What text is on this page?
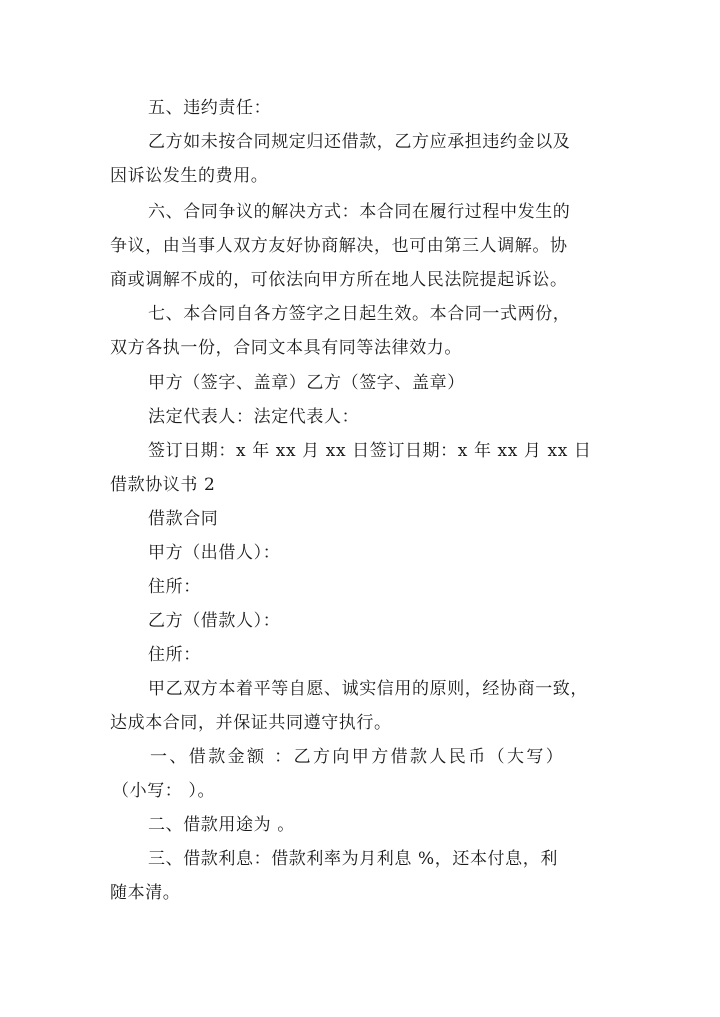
五、违约责任：
乙方如未按合同规定归还借款，乙方应承担违约金以及
因诉讼发生的费用。
六、合同争议的解决方式：本合同在履行过程中发生的
争议，由当事人双方友好协商解决，也可由第三人调解。协
商或调解不成的，可依法向甲方所在地人民法院提起诉讼。
七、本合同自各方签字之日起生效。本合同一式两份，
双方各执一份，合同文本具有同等法律效力。
甲方（签字、盖章）乙方（签字、盖章）
法定代表人：法定代表人：
签订日期：x 年 xx 月 xx 日签订日期：x 年 xx 月 xx 日
借款协议书 2
借款合同
甲方（出借人）：
住所：
乙方（借款人）：
住所：
甲乙双方本着平等自愿、诚实信用的原则，经协商一致，
达成本合同，并保证共同遵守执行。
一、借款金额 ：乙方向甲方借款人民币（大写）
（小写： ）。
二、借款用途为 。
三、借款利息：借款利率为月利息 %，还本付息，利
随本清。
